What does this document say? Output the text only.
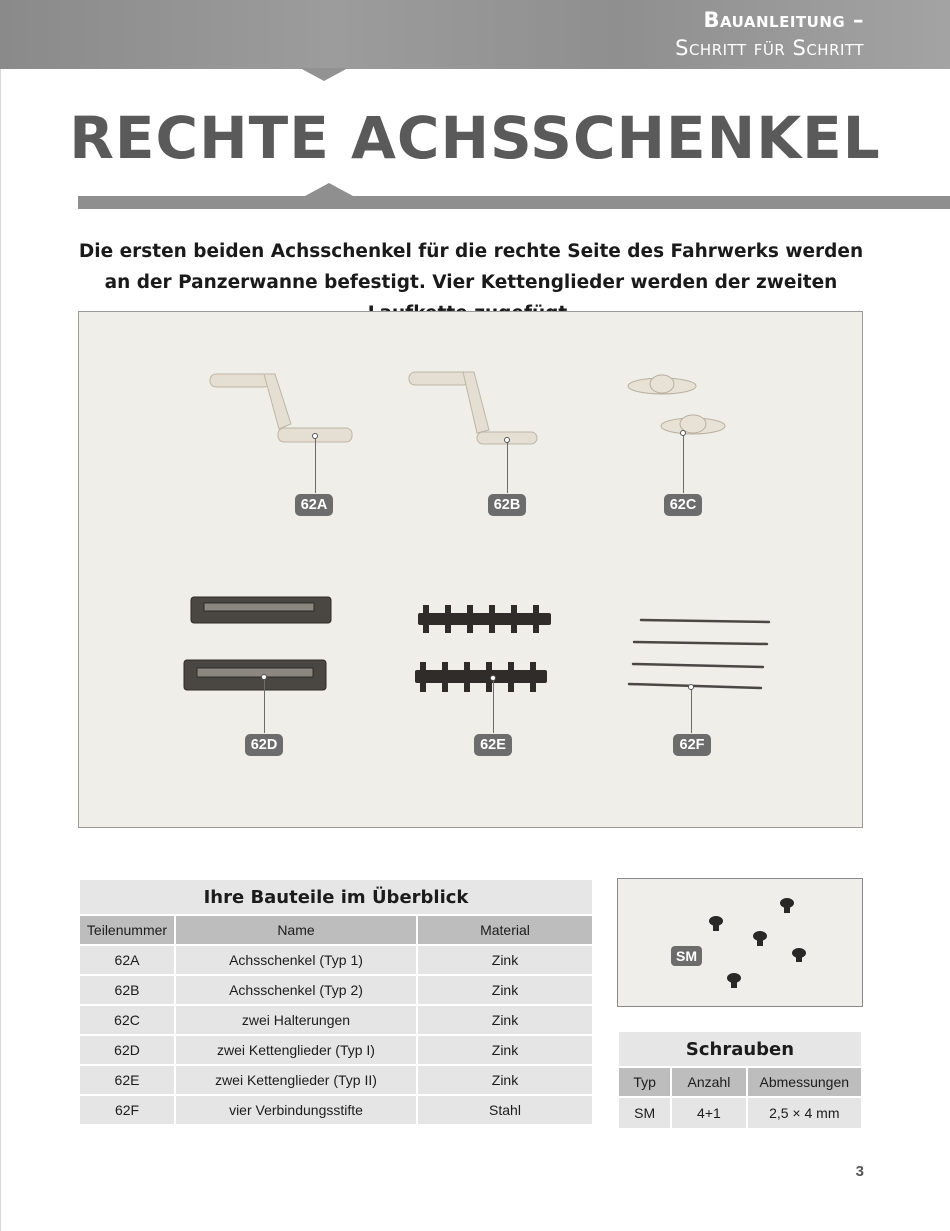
Bauanleitung –
Schritt für Schritt
RECHTE ACHSSCHENKEL
Die ersten beiden Achsschenkel für die rechte Seite des Fahrwerks werden an der Panzerwanne befestigt. Vier Kettenglieder werden der zweiten
62A	62B	62C
62D	62E	62F
Ihre Bauteile im Überblick		
Teilenummer	Name	Material
62A	Achsschenkel (Typ 1)	Zink
62B	Achsschenkel (Typ 2)	Zink
62C	zwei Halterungen	Zink
62D	zwei Kettenglieder (Typ I)	Zink
62E	zwei Kettenglieder (Typ II)	Zink
62F	vier Verbindungsstifte	Stahl
SM
Schrauben		
Typ	Anzahl	Abmessungen
SM	4+1	2,5 × 4 mm
3
